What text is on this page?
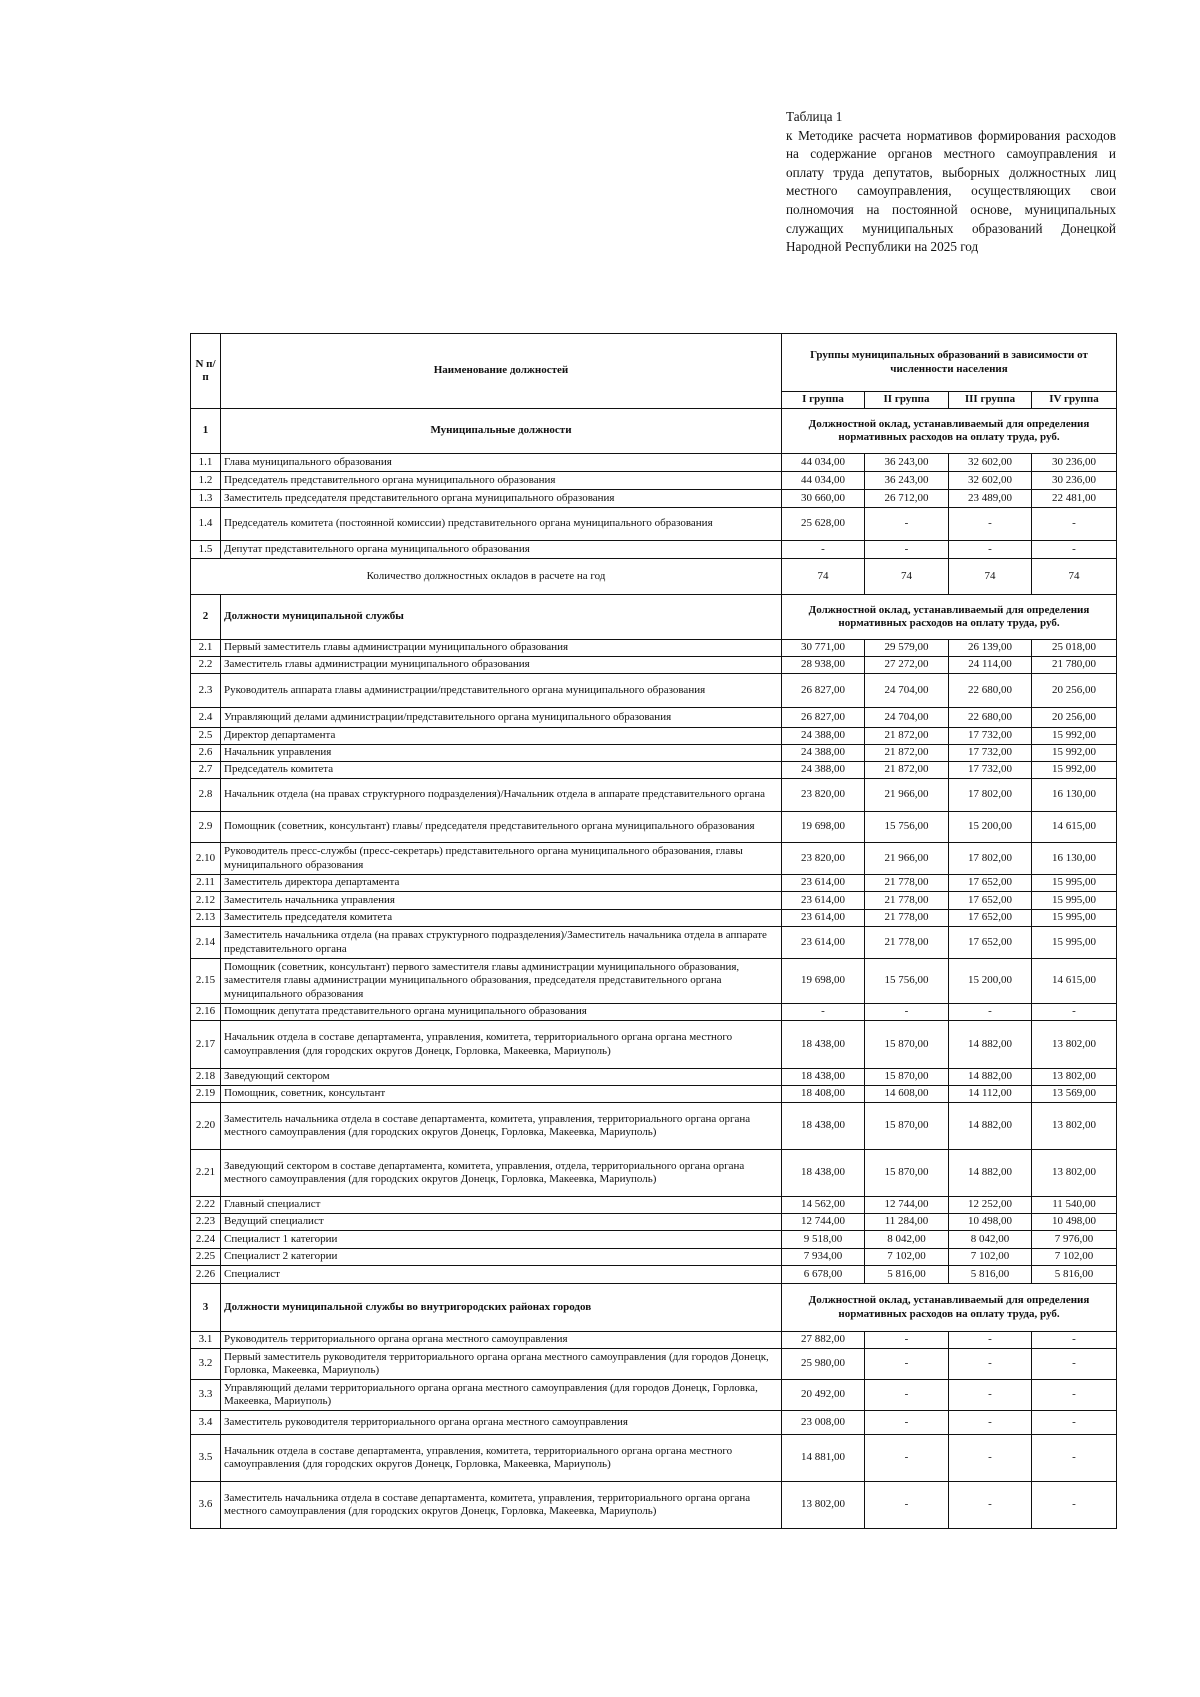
Таблица 1
к Методике расчета нормативов формирования расходов на содержание органов местного самоуправления и оплату труда депутатов, выборных должностных лиц местного самоуправления, осуществляющих свои полномочия на постоянной основе, муниципальных служащих муниципальных образований Донецкой Народной Республики на 2025 год
N п/п	Наименование должностей	Группы муниципальных образований в зависимости от численности населения			
		I группа	II группа	III группа	IV группа
1	Муниципальные должности	Должностной оклад, устанавливаемый для определения нормативных расходов на оплату труда, руб.			
1.1	Глава муниципального образования	44 034,00	36 243,00	32 602,00	30 236,00
1.2	Председатель представительного органа муниципального образования	44 034,00	36 243,00	32 602,00	30 236,00
1.3	Заместитель председателя представительного органа муниципального образования	30 660,00	26 712,00	23 489,00	22 481,00
1.4	Председатель комитета (постоянной комиссии) представительного органа муниципального образования	25 628,00	-	-	-
1.5	Депутат представительного органа муниципального образования	-	-	-	-
Количество должностных окладов в расчете на год		74	74	74	74
2	Должности муниципальной службы	Должностной оклад, устанавливаемый для определения нормативных расходов на оплату труда, руб.			
2.1	Первый заместитель главы администрации муниципального образования	30 771,00	29 579,00	26 139,00	25 018,00
2.2	Заместитель главы администрации муниципального образования	28 938,00	27 272,00	24 114,00	21 780,00
2.3	Руководитель аппарата главы администрации/представительного органа муниципального образования	26 827,00	24 704,00	22 680,00	20 256,00
2.4	Управляющий делами администрации/представительного органа муниципального образования	26 827,00	24 704,00	22 680,00	20 256,00
2.5	Директор департамента	24 388,00	21 872,00	17 732,00	15 992,00
2.6	Начальник управления	24 388,00	21 872,00	17 732,00	15 992,00
2.7	Председатель комитета	24 388,00	21 872,00	17 732,00	15 992,00
2.8	Начальник отдела (на правах структурного подразделения)/Начальник отдела в аппарате представительного органа	23 820,00	21 966,00	17 802,00	16 130,00
2.9	Помощник (советник, консультант) главы/ председателя представительного органа муниципального образования	19 698,00	15 756,00	15 200,00	14 615,00
2.10	Руководитель пресс-службы (пресс-секретарь) представительного органа муниципального образования, главы муниципального образования	23 820,00	21 966,00	17 802,00	16 130,00
2.11	Заместитель директора департамента	23 614,00	21 778,00	17 652,00	15 995,00
2.12	Заместитель начальника управления	23 614,00	21 778,00	17 652,00	15 995,00
2.13	Заместитель председателя комитета	23 614,00	21 778,00	17 652,00	15 995,00
2.14	Заместитель начальника отдела (на правах структурного подразделения)/Заместитель начальника отдела в аппарате представительного органа	23 614,00	21 778,00	17 652,00	15 995,00
2.15	Помощник (советник, консультант) первого заместителя главы администрации муниципального образования, заместителя главы администрации муниципального образования, председателя представительного органа муниципального образования	19 698,00	15 756,00	15 200,00	14 615,00
2.16	Помощник депутата представительного органа муниципального образования	-	-	-	-
2.17	Начальник отдела в составе департамента, управления, комитета, территориального органа органа местного самоуправления (для городских округов Донецк, Горловка, Макеевка, Мариуполь)	18 438,00	15 870,00	14 882,00	13 802,00
2.18	Заведующий сектором	18 438,00	15 870,00	14 882,00	13 802,00
2.19	Помощник, советник, консультант	18 408,00	14 608,00	14 112,00	13 569,00
2.20	Заместитель начальника отдела в составе департамента, комитета, управления, территориального органа органа местного самоуправления (для городских округов Донецк, Горловка, Макеевка, Мариуполь)	18 438,00	15 870,00	14 882,00	13 802,00
2.21	Заведующий сектором в составе департамента, комитета, управления, отдела, территориального органа органа местного самоуправления (для городских округов Донецк, Горловка, Макеевка, Мариуполь)	18 438,00	15 870,00	14 882,00	13 802,00
2.22	Главный специалист	14 562,00	12 744,00	12 252,00	11 540,00
2.23	Ведущий специалист	12 744,00	11 284,00	10 498,00	10 498,00
2.24	Специалист 1 категории	9 518,00	8 042,00	8 042,00	7 976,00
2.25	Специалист 2 категории	7 934,00	7 102,00	7 102,00	7 102,00
2.26	Специалист	6 678,00	5 816,00	5 816,00	5 816,00
3	Должности муниципальной службы во внутригородских районах городов	Должностной оклад, устанавливаемый для определения нормативных расходов на оплату труда, руб.			
3.1	Руководитель территориального органа органа местного самоуправления	27 882,00	-	-	-
3.2	Первый заместитель руководителя территориального органа органа местного самоуправления (для городов Донецк, Горловка, Макеевка, Мариуполь)	25 980,00	-	-	-
3.3	Управляющий делами территориального органа органа местного самоуправления (для городов Донецк, Горловка, Макеевка, Мариуполь)	20 492,00	-	-	-
3.4	Заместитель руководителя территориального органа органа местного самоуправления	23 008,00	-	-	-
3.5	Начальник отдела в составе департамента, управления, комитета, территориального органа органа местного самоуправления (для городских округов Донецк, Горловка, Макеевка, Мариуполь)	14 881,00	-	-	-
3.6	Заместитель начальника отдела в составе департамента, комитета, управления, территориального органа органа местного самоуправления (для городских округов Донецк, Горловка, Макеевка, Мариуполь)	13 802,00	-	-	-
